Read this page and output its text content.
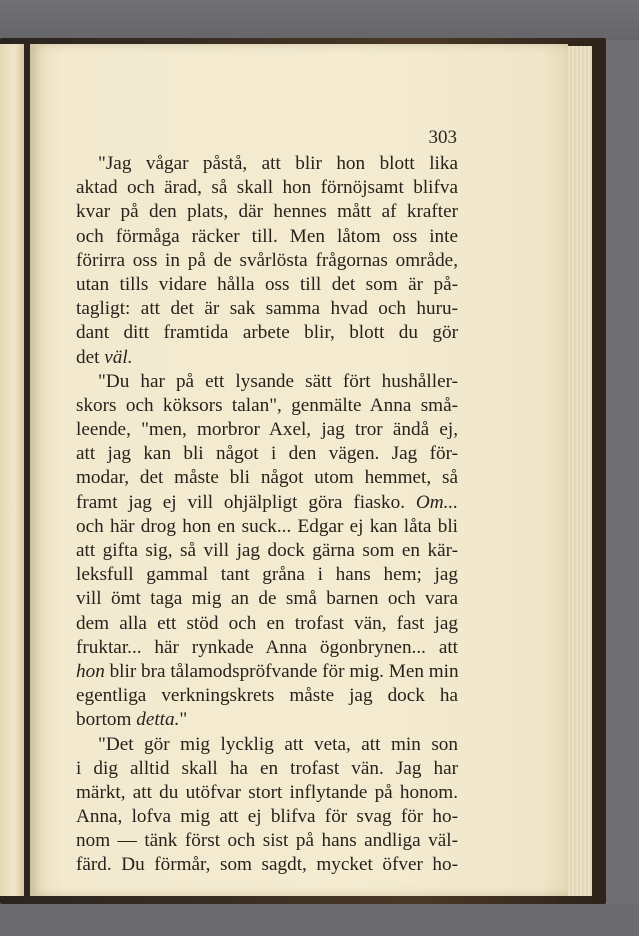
303
"Jag vågar påstå, att blir hon blott lika
aktad och ärad, så skall hon förnöjsamt blifva
kvar på den plats, där hennes mått af krafter
och förmåga räcker till. Men låtom oss inte
förirra oss in på de svårlösta frågornas område,
utan tills vidare hålla oss till det som är på-
tagligt: att det är sak samma hvad och huru-
dant ditt framtida arbete blir, blott du gör
det väl.
"Du har på ett lysande sätt fört hushåller-
skors och köksors talan", genmälte Anna små-
leende, "men, morbror Axel, jag tror ändå ej,
att jag kan bli något i den vägen. Jag för-
modar, det måste bli något utom hemmet, så
framt jag ej vill ohjälpligt göra fiasko. Om...
och här drog hon en suck... Edgar ej kan låta bli
att gifta sig, så vill jag dock gärna som en kär-
leksfull gammal tant gråna i hans hem; jag
vill ömt taga mig an de små barnen och vara
dem alla ett stöd och en trofast vän, fast jag
fruktar... här rynkade Anna ögonbrynen... att
hon blir bra tålamodspröfvande för mig. Men min
egentliga verkningskrets måste jag dock ha
bortom detta."
"Det gör mig lycklig att veta, att min son
i dig alltid skall ha en trofast vän. Jag har
märkt, att du utöfvar stort inflytande på honom.
Anna, lofva mig att ej blifva för svag för ho-
nom — tänk först och sist på hans andliga väl-
färd. Du förmår, som sagdt, mycket öfver ho-
